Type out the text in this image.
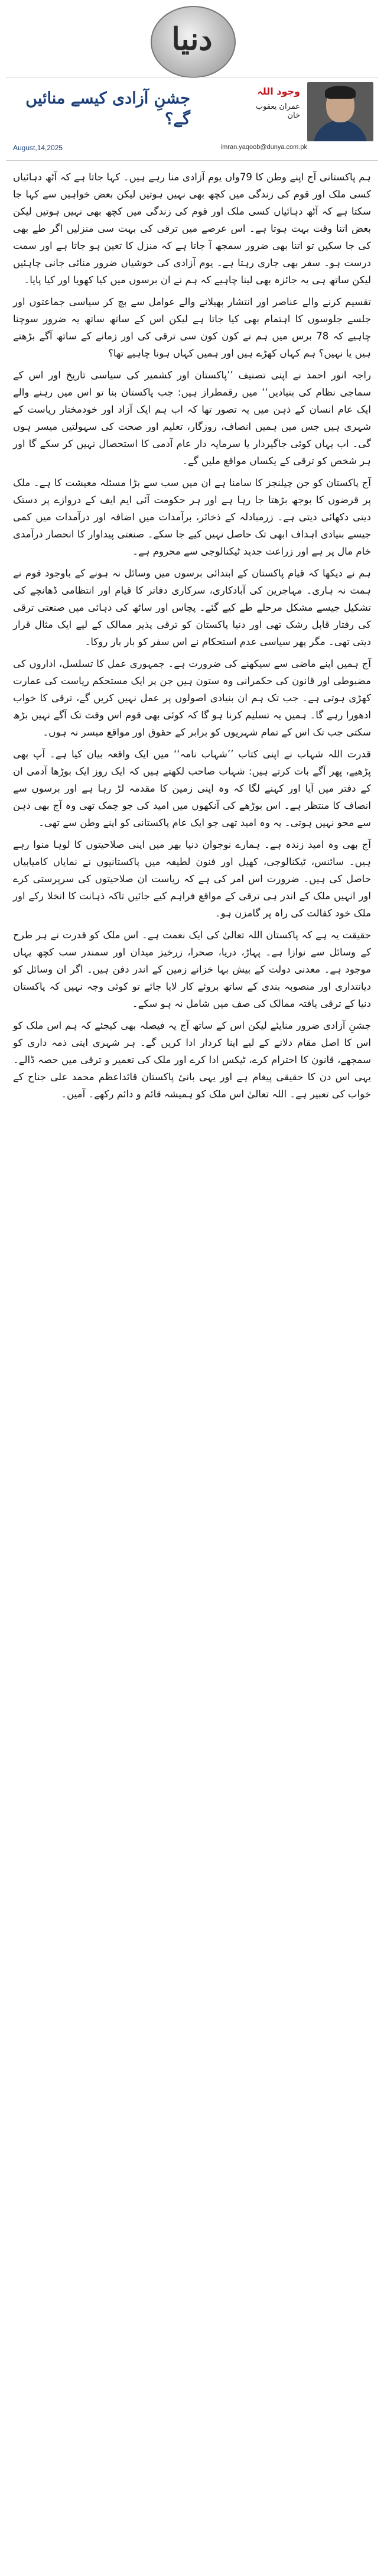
دنیا
جشنِ آزادی کیسے منائیں گے؟
August,14,2025	imran.yaqoob@dunya.com.pk
وجود اللہ
عمران یعقوب خان

ہم پاکستانی آج اپنے وطن کا 79واں یوم آزادی منا رہے ہیں۔ کہا جاتا ہے کہ آٹھ دہائیاں کسی ملک اور قوم کی زندگی میں کچھ بھی نہیں ہوتیں لیکن بعض خواہیں سے کہا جا سکتا ہے کہ آٹھ دہائیاں کسی ملک اور قوم کی زندگی میں کچھ بھی نہیں ہوتیں لیکن بعض اتنا وقت بہت ہوتا ہے۔ اس عرصے میں ترقی کی بہت سی منزلیں اگر طے بھی کی جا سکیں تو اتنا بھی ضرور سمجھ آ جاتا ہے کہ منزل کا تعین ہو جاتا ہے اور سمت درست ہو۔ سفر بھی جاری رہتا ہے۔ یوم آزادی کی خوشیاں ضرور منائی جانی چاہئیں لیکن ساتھ ہی یہ جائزہ بھی لینا چاہیے کہ ہم نے ان برسوں میں کیا کھویا اور کیا پایا۔

تقسیم کرنے والے عناصر اور انتشار پھیلانے والے عوامل سے بچ کر سیاسی جماعتوں اور جلسے جلوسوں کا اہتمام بھی کیا جاتا ہے لیکن اس کے ساتھ ساتھ یہ ضرور سوچنا چاہیے کہ 78 برس میں ہم نے کون کون سی ترقی کی اور زمانے کے ساتھ آگے بڑھتے ہیں یا نہیں؟ ہم کہاں کھڑے ہیں اور ہمیں کہاں ہونا چاہیے تھا؟

راجہ انور احمد نے اپنی تصنیف ’’پاکستان اور کشمیر کی سیاسی تاریخ اور اس کے سماجی نظام کی بنیادیں‘‘ میں رقمطراز ہیں: جب پاکستان بنا تو اس میں رہنے والے ایک عام انسان کے ذہن میں یہ تصور تھا کہ اب ہم ایک آزاد اور خودمختار ریاست کے شہری ہیں جس میں ہمیں انصاف، روزگار، تعلیم اور صحت کی سہولتیں میسر ہوں گی۔ اب یہاں کوئی جاگیردار یا سرمایہ دار عام آدمی کا استحصال نہیں کر سکے گا اور ہر شخص کو ترقی کے یکساں مواقع ملیں گے۔

آج پاکستان کو جن چیلنجز کا سامنا ہے ان میں سب سے بڑا مسئلہ معیشت کا ہے۔ ملک پر قرضوں کا بوجھ بڑھتا جا رہا ہے اور ہر حکومت آئی ایم ایف کے دروازے پر دستک دیتی دکھائی دیتی ہے۔ زرمبادلہ کے ذخائر، برآمدات میں اضافہ اور درآمدات میں کمی جیسے بنیادی اہداف ابھی تک حاصل نہیں کیے جا سکے۔ صنعتی پیداوار کا انحصار درآمدی خام مال پر ہے اور زراعت جدید ٹیکنالوجی سے محروم ہے۔

ہم نے دیکھا کہ قیام پاکستان کے ابتدائی برسوں میں وسائل نہ ہونے کے باوجود قوم نے ہمت نہ ہاری۔ مہاجرین کی آبادکاری، سرکاری دفاتر کا قیام اور انتظامی ڈھانچے کی تشکیل جیسے مشکل مرحلے طے کیے گئے۔ پچاس اور ساٹھ کی دہائی میں صنعتی ترقی کی رفتار قابل رشک تھی اور دنیا پاکستان کو ترقی پذیر ممالک کے لیے ایک مثال قرار دیتی تھی۔ مگر پھر سیاسی عدم استحکام نے اس سفر کو بار بار روکا۔

آج ہمیں اپنے ماضی سے سیکھنے کی ضرورت ہے۔ جمہوری عمل کا تسلسل، اداروں کی مضبوطی اور قانون کی حکمرانی وہ ستون ہیں جن پر ایک مستحکم ریاست کی عمارت کھڑی ہوتی ہے۔ جب تک ہم ان بنیادی اصولوں پر عمل نہیں کریں گے، ترقی کا خواب ادھورا رہے گا۔ ہمیں یہ تسلیم کرنا ہو گا کہ کوئی بھی قوم اس وقت تک آگے نہیں بڑھ سکتی جب تک اس کے تمام شہریوں کو برابر کے حقوق اور مواقع میسر نہ ہوں۔

قدرت اللہ شہاب نے اپنی کتاب ’’شہاب نامہ‘‘ میں ایک واقعہ بیان کیا ہے۔ آپ بھی پڑھیے، پھر آگے بات کرتے ہیں: شہاب صاحب لکھتے ہیں کہ ایک روز ایک بوڑھا آدمی ان کے دفتر میں آیا اور کہنے لگا کہ وہ اپنی زمین کا مقدمہ لڑ رہا ہے اور برسوں سے انصاف کا منتظر ہے۔ اس بوڑھے کی آنکھوں میں امید کی جو چمک تھی وہ آج بھی ذہن سے محو نہیں ہوتی۔ یہ وہ امید تھی جو ایک عام پاکستانی کو اپنے وطن سے تھی۔

آج بھی وہ امید زندہ ہے۔ ہمارے نوجوان دنیا بھر میں اپنی صلاحیتوں کا لوہا منوا رہے ہیں۔ سائنس، ٹیکنالوجی، کھیل اور فنون لطیفہ میں پاکستانیوں نے نمایاں کامیابیاں حاصل کی ہیں۔ ضرورت اس امر کی ہے کہ ریاست ان صلاحیتوں کی سرپرستی کرے اور انہیں ملک کے اندر ہی ترقی کے مواقع فراہم کیے جائیں تاکہ ذہانت کا انخلا رکے اور ملک خود کفالت کی راہ پر گامزن ہو۔

حقیقت یہ ہے کہ پاکستان اللہ تعالیٰ کی ایک نعمت ہے۔ اس ملک کو قدرت نے ہر طرح کے وسائل سے نوازا ہے۔ پہاڑ، دریا، صحرا، زرخیز میدان اور سمندر سب کچھ یہاں موجود ہے۔ معدنی دولت کے بیش بہا خزانے زمین کے اندر دفن ہیں۔ اگر ان وسائل کو دیانتداری اور منصوبہ بندی کے ساتھ بروئے کار لایا جائے تو کوئی وجہ نہیں کہ پاکستان دنیا کے ترقی یافتہ ممالک کی صف میں شامل نہ ہو سکے۔

جشنِ آزادی ضرور منایئے لیکن اس کے ساتھ آج یہ فیصلہ بھی کیجئے کہ ہم اس ملک کو اس کا اصل مقام دلانے کے لیے اپنا کردار ادا کریں گے۔ ہر شہری اپنی ذمہ داری کو سمجھے، قانون کا احترام کرے، ٹیکس ادا کرے اور ملک کی تعمیر و ترقی میں حصہ ڈالے۔ یہی اس دن کا حقیقی پیغام ہے اور یہی بانیٔ پاکستان قائداعظم محمد علی جناح کے خواب کی تعبیر ہے۔ اللہ تعالیٰ اس ملک کو ہمیشہ قائم و دائم رکھے۔ آمین۔
